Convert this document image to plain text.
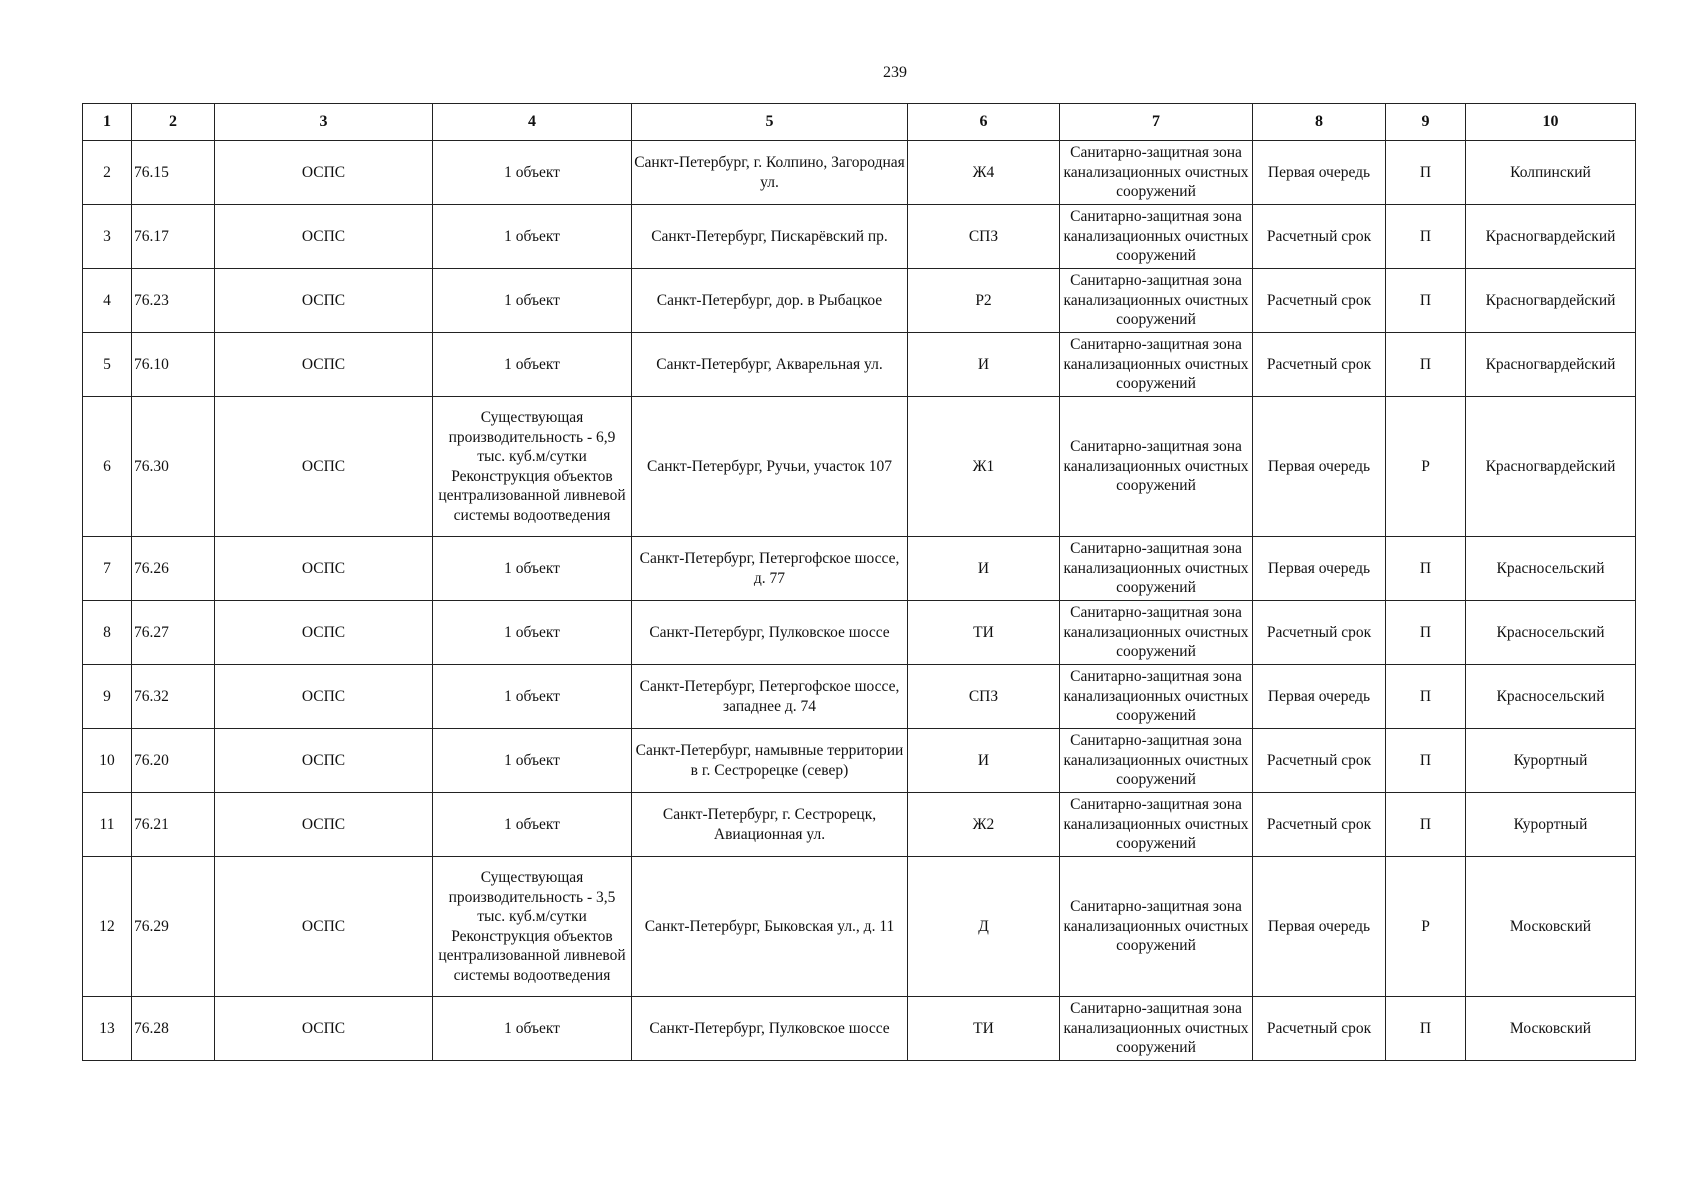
239
1	2	3	4	5	6	7	8	9	10
2	76.15	ОСПС	1 объект	Санкт-Петербург, г. Колпино, Загородная ул.	Ж4	Санитарно-защитная зона канализационных очистных сооружений	Первая очередь	П	Колпинский
3	76.17	ОСПС	1 объект	Санкт-Петербург, Пискарёвский пр.	СПЗ	Санитарно-защитная зона канализационных очистных сооружений	Расчетный срок	П	Красногвардейский
4	76.23	ОСПС	1 объект	Санкт-Петербург, дор. в Рыбацкое	Р2	Санитарно-защитная зона канализационных очистных сооружений	Расчетный срок	П	Красногвардейский
5	76.10	ОСПС	1 объект	Санкт-Петербург, Акварельная ул.	И	Санитарно-защитная зона канализационных очистных сооружений	Расчетный срок	П	Красногвардейский
6	76.30	ОСПС	Существующая производительность - 6,9 тыс. куб.м/сутки Реконструкция объектов централизованной ливневой системы водоотведения	Санкт-Петербург, Ручьи, участок 107	Ж1	Санитарно-защитная зона канализационных очистных сооружений	Первая очередь	Р	Красногвардейский
7	76.26	ОСПС	1 объект	Санкт-Петербург, Петергофское шоссе, д. 77	И	Санитарно-защитная зона канализационных очистных сооружений	Первая очередь	П	Красносельский
8	76.27	ОСПС	1 объект	Санкт-Петербург, Пулковское шоссе	ТИ	Санитарно-защитная зона канализационных очистных сооружений	Расчетный срок	П	Красносельский
9	76.32	ОСПС	1 объект	Санкт-Петербург, Петергофское шоссе, западнее д. 74	СПЗ	Санитарно-защитная зона канализационных очистных сооружений	Первая очередь	П	Красносельский
10	76.20	ОСПС	1 объект	Санкт-Петербург, намывные территории в г. Сестрорецке (север)	И	Санитарно-защитная зона канализационных очистных сооружений	Расчетный срок	П	Курортный
11	76.21	ОСПС	1 объект	Санкт-Петербург, г. Сестрорецк, Авиационная ул.	Ж2	Санитарно-защитная зона канализационных очистных сооружений	Расчетный срок	П	Курортный
12	76.29	ОСПС	Существующая производительность - 3,5 тыс. куб.м/сутки Реконструкция объектов централизованной ливневой системы водоотведения	Санкт-Петербург, Быковская ул., д. 11	Д	Санитарно-защитная зона канализационных очистных сооружений	Первая очередь	Р	Московский
13	76.28	ОСПС	1 объект	Санкт-Петербург, Пулковское шоссе	ТИ	Санитарно-защитная зона канализационных очистных сооружений	Расчетный срок	П	Московский
